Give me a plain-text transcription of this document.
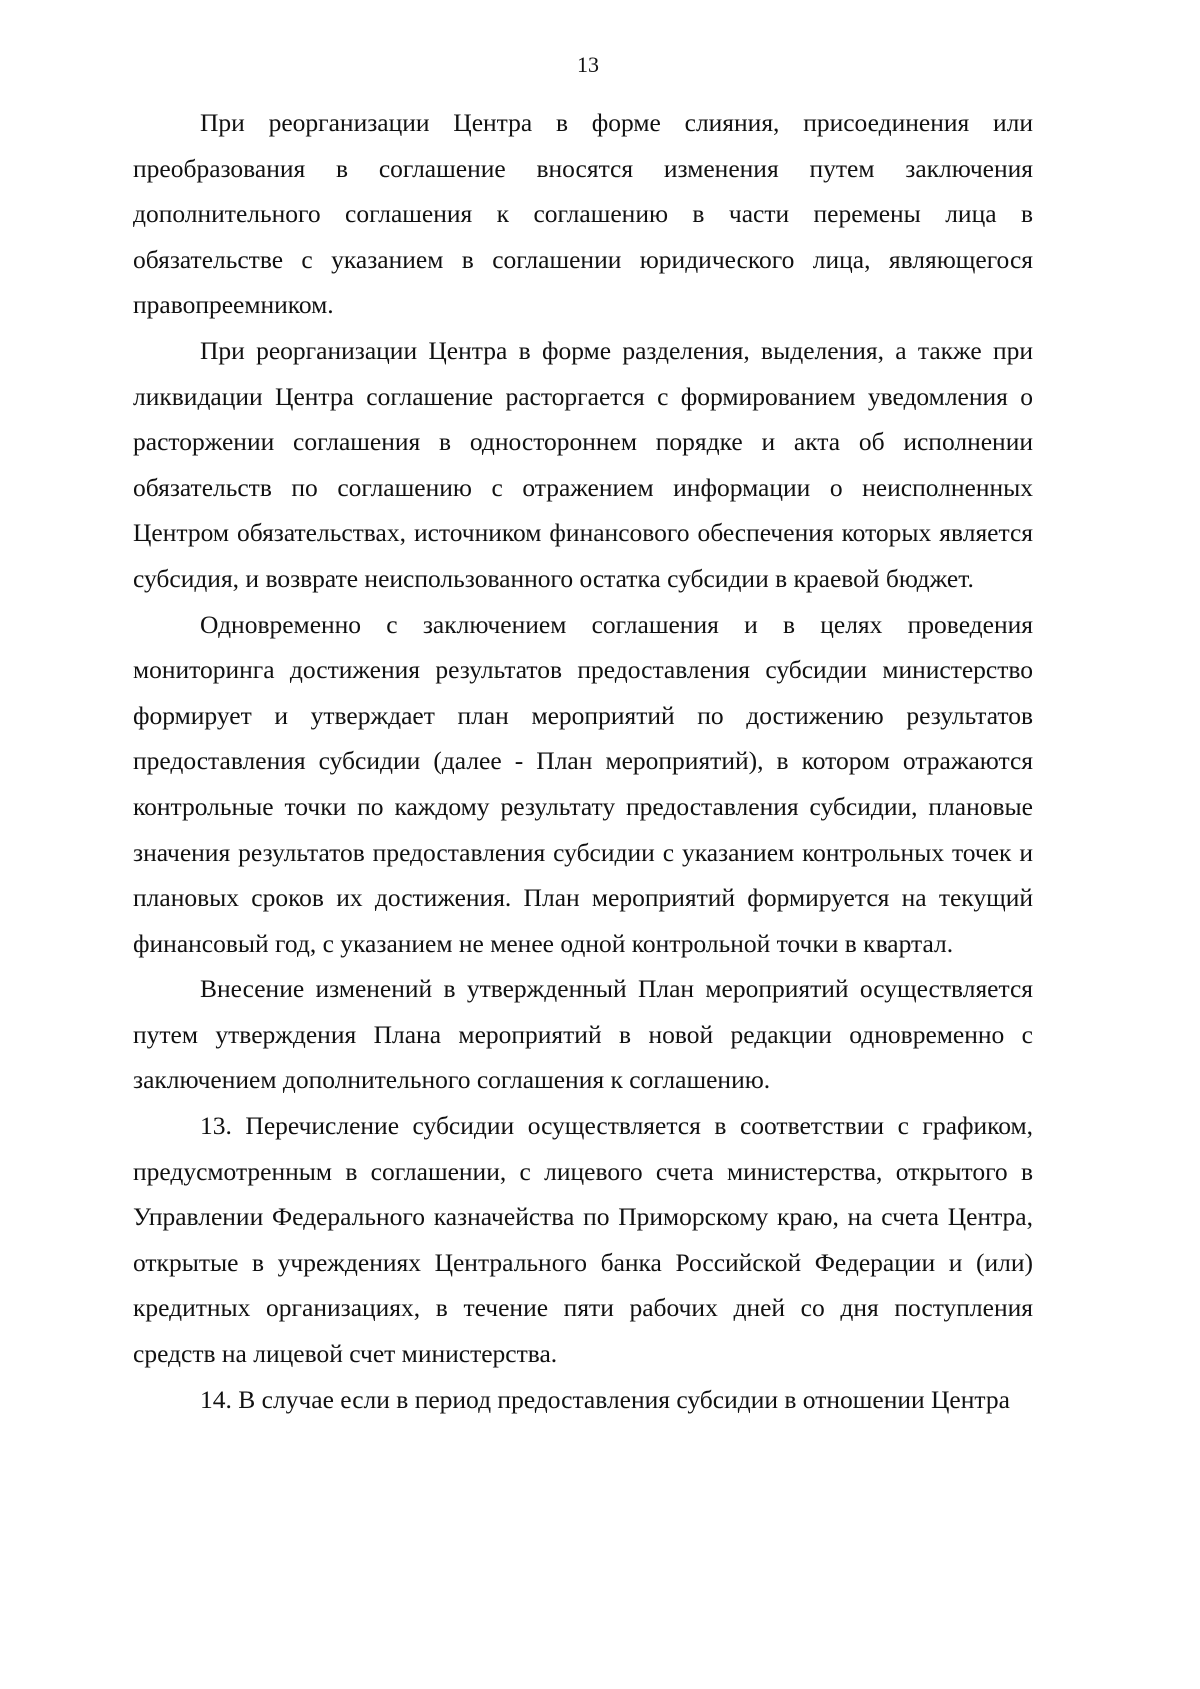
13

При реорганизации Центра в форме слияния, присоединения или преобразования в соглашение вносятся изменения путем заключения дополнительного соглашения к соглашению в части перемены лица в обязательстве с указанием в соглашении юридического лица, являющегося правопреемником.

При реорганизации Центра в форме разделения, выделения, а также при ликвидации Центра соглашение расторгается с формированием уведомления о расторжении соглашения в одностороннем порядке и акта об исполнении обязательств по соглашению с отражением информации о неисполненных Центром обязательствах, источником финансового обеспечения которых является субсидия, и возврате неиспользованного остатка субсидии в краевой бюджет.

Одновременно с заключением соглашения и в целях проведения мониторинга достижения результатов предоставления субсидии министерство формирует и утверждает план мероприятий по достижению результатов предоставления субсидии (далее - План мероприятий), в котором отражаются контрольные точки по каждому результату предоставления субсидии, плановые значения результатов предоставления субсидии с указанием контрольных точек и плановых сроков их достижения. План мероприятий формируется на текущий финансовый год, с указанием не менее одной контрольной точки в квартал.

Внесение изменений в утвержденный План мероприятий осуществляется путем утверждения Плана мероприятий в новой редакции одновременно с заключением дополнительного соглашения к соглашению.

13. Перечисление субсидии осуществляется в соответствии с графиком, предусмотренным в соглашении, с лицевого счета министерства, открытого в Управлении Федерального казначейства по Приморскому краю, на счета Центра, открытые в учреждениях Центрального банка Российской Федерации и (или) кредитных организациях, в течение пяти рабочих дней со дня поступления средств на лицевой счет министерства.

14. В случае если в период предоставления субсидии в отношении Центра
